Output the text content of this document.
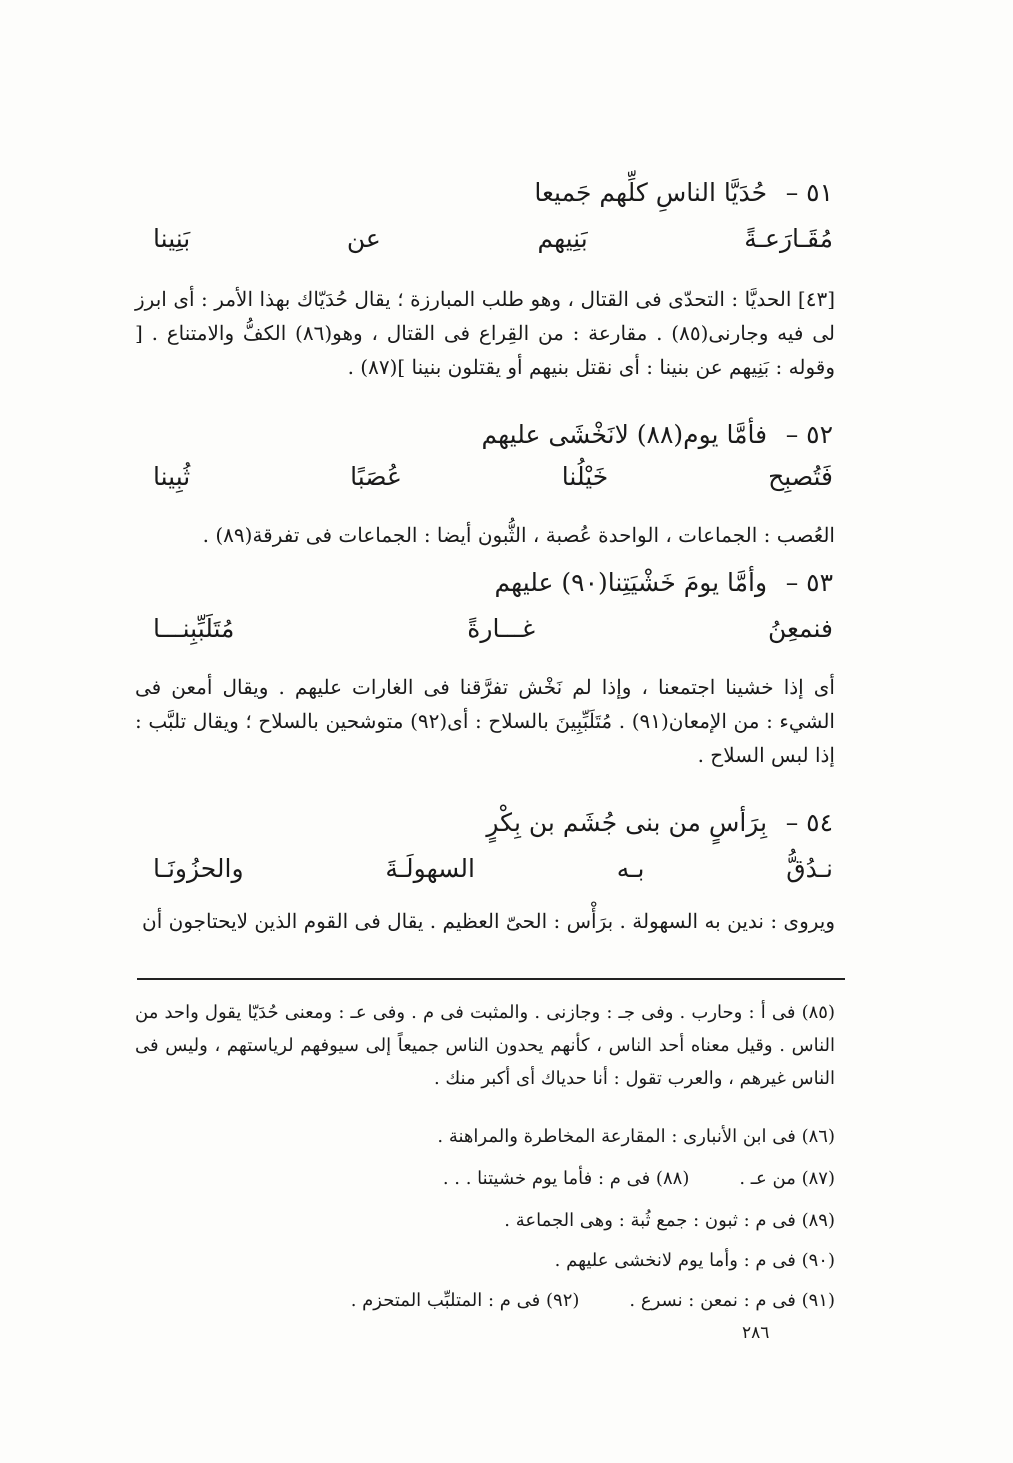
٥١ – حُدَيَّا الناسِ كلِّهم جَميعا
مُقَـارَعـةً
بَنِيهم
عن
بَنِينا
[٤٣] الحديَّا : التحدّى فى القتال ، وهو طلب المبارزة ؛ يقال حُدَيّاك بهذا الأمر : أى ابرز لى فيه وجارنى(٨٥) . مقارعة : من القِراع فى القتال ، وهو(٨٦) الكفُّ والامتناع . [ وقوله : بَنِيهم عن بنينا : أى نقتل بنيهم أو يقتلون بنينا ](٨٧) .
٥٢ – فأمَّا يوم(٨٨) لانَخْشَى عليهم
فَتُصبِح
خَيْلُنا
عُصَبًا
ثُبِينا
العُصب : الجماعات ، الواحدة عُصبة ، الثُّبون أيضا : الجماعات فى تفرقة(٨٩) .
٥٣ – وأمَّا يومَ خَشْيَتِنا(٩٠) عليهم
فنمعِنُ
غـــارةً
مُتَلَبِّبِنـــا
أى إذا خشينا اجتمعنا ، وإذا لم نَخْش تفرَّقنا فى الغارات عليهم . ويقال أمعن فى الشيء : من الإمعان(٩١) . مُتَلَبِّبِينَ بالسلاح : أى(٩٢) متوشحين بالسلاح ؛ ويقال تلبَّب : إذا لبس السلاح .
٥٤ – بِرَأسٍ من بنى جُشَم بن بِكْرٍ
نـدُقُّ
بـه
السهولَـةَ
والحزُونَـا
ويروى : ندين به السهولة . برَأْس : الحىّ العظيم . يقال فى القوم الذين لايحتاجون أن
(٨٥) فى أ : وحارب . وفى جـ : وجازنى . والمثبت فى م . وفى عـ : ومعنى حُدَيّا يقول واحد من الناس . وقيل معناه أحد الناس ، كأنهم يحدون الناس جميعاً إلى سيوفهم لرياستهم ، وليس فى الناس غيرهم ، والعرب تقول : أنا حدياك أى أكبر منك .
(٨٦) فى ابن الأنبارى : المقارعة المخاطرة والمراهنة .
(٨٧) من عـ .(٨٨) فى م : فأما يوم خشيتنا . . .
(٨٩) فى م : ثبون : جمع ثُبة : وهى الجماعة .
(٩٠) فى م : وأما يوم لانخشى عليهم .
(٩١) فى م : نمعن : نسرع .(٩٢) فى م : المتلبِّب المتحزم .
٢٨٦
